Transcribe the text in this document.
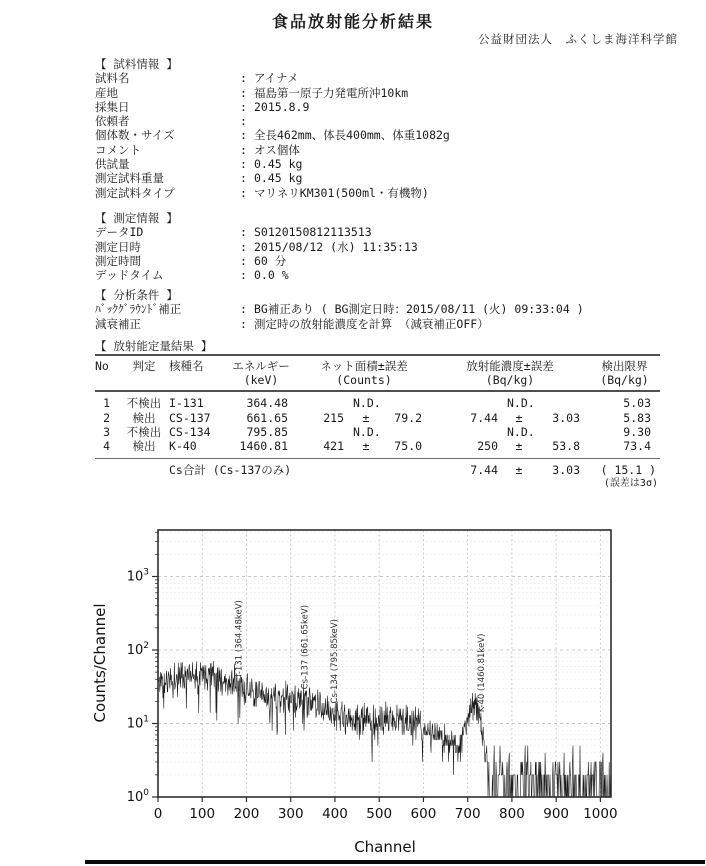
食品放射能分析結果
公益財団法人　ふくしま海洋科学館
【 試料情報 】
試料名	: アイナメ
産地	: 福島第一原子力発電所沖10km
採集日	: 2015.8.9
依頼者	:
個体数・サイズ	: 全長462mm、体長400mm、体重1082g
コメント	: オス個体
供試量	: 0.45 kg
測定試料重量	: 0.45 kg
測定試料タイプ	: マリネリKM301(500ml・有機物)
【 測定情報 】
データID	: S0120150812113513
測定日時	: 2015/08/12 (水) 11:35:13
測定時間	: 60 分
デッドタイム	: 0.0 %
【 分析条件 】
ﾊﾞｯｸｸﾞﾗｳﾝﾄﾞ補正	: BG補正あり ( BG測定日時：2015/08/11 (火) 09:33:04 )
減衰補正	: 測定時の放射能濃度を計算 （減衰補正OFF）
【 放射能定量結果 】
No	判定	核種名	エネルギー	ネット面積±誤差	放射能濃度±誤差	検出限界
(keV)	(Counts)	(Bq/kg)	(Bq/kg)
1	不検出 I-131	364.48	N.D.	N.D.	5.03
2	検出	CS-137	661.65	215	±	79.2	7.44	±	3.03	5.83
3	不検出 CS-134	795.85	N.D.	N.D.	9.30
4	検出	K-40	1460.81	421	±	75.0	250	±	53.8	73.4
Cs合計 (Cs-137のみ)	7.44	±	3.03	( 15.1 )
(誤差は3σ)
I-131 (364.48keV)	Cs-137 (661.65keV) Cs-134 (795.85keV)	K-40 (1460.81keV)
0 100 200 300 400 500 600 700 800 900 1000
$10^0$
$10^1$
$10^2$
$10^3$
Channel
Counts/Channel
